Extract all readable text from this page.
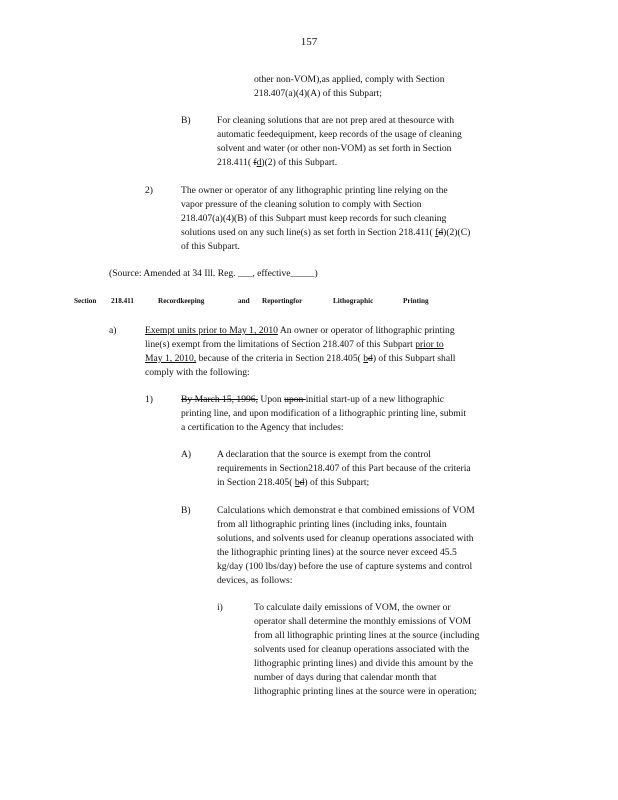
157
other non-VOM),as applied, comply with Section
218.407(a)(4)(A) of this Subpart;
B)	For cleaning solutions that are not prep ared at thesource with
automatic feedequipment, keep records of the usage of cleaning
solvent and water (or other non-VOM) as set forth in Section
218.411( fd)(2) of this Subpart.
2)	The owner or operator of any lithographic printing line relying on the
vapor pressure of the cleaning solution to comply with Section
218.407(a)(4)(B) of this Subpart must keep records for such cleaning
solutions used on any such line(s) as set forth in Section 218.411( fd)(2)(C)
of this Subpart.
(Source: Amended at 34 Ill. Reg. ___, effective_____)
Section 218.411	Recordkeeping	and Reportingfor	Lithographic	Printing
a)	Exempt units prior to May 1, 2010 An owner or operator of lithographic printing
line(s) exempt from the limitations of Section 218.407 of this Subpart prior to
May 1, 2010, because of the criteria in Section 218.405( bd) of this Subpart shall
comply with the following:
1)	By March 15, 1996, Upon upon initial start-up of a new lithographic
printing line, and upon modification of a lithographic printing line, submit
a certification to the Agency that includes:
A)	A declaration that the source is exempt from the control
requirements in Section218.407 of this Part because of the criteria
in Section 218.405( bd) of this Subpart;
B)	Calculations which demonstrat e that combined emissions of VOM
from all lithographic printing lines (including inks, fountain
solutions, and solvents used for cleanup operations associated with
the lithographic printing lines) at the source never exceed 45.5
kg/day (100 lbs/day) before the use of capture systems and control
devices, as follows:
i)	To calculate daily emissions of VOM, the owner or
operator shall determine the monthly emissions of VOM
from all lithographic printing lines at the source (including
solvents used for cleanup operations associated with the
lithographic printing lines) and divide this amount by the
number of days during that calendar month that
lithographic printing lines at the source were in operation;
